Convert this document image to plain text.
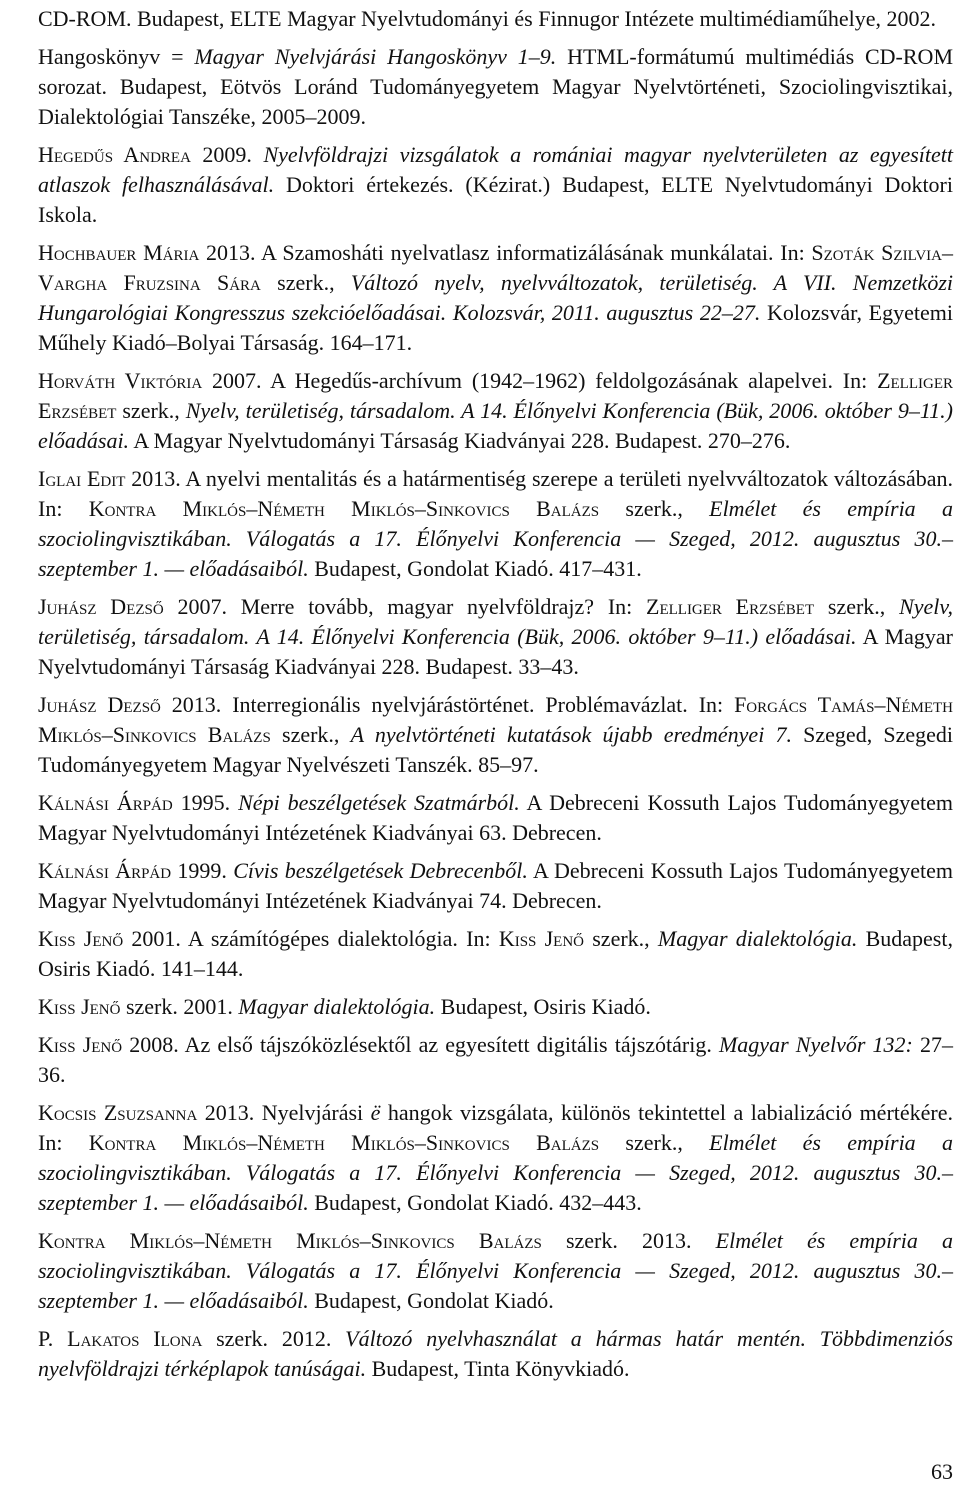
CD-ROM. Budapest, ELTE Magyar Nyelvtudományi és Finnugor Intézete multimédiaműhelye, 2002.

Hangoskönyv = Magyar Nyelvjárási Hangoskönyv 1–9. HTML-formátumú multimédiás CD-ROM sorozat. Budapest, Eötvös Loránd Tudományegyetem Magyar Nyelvtörténeti, Szociolingvisztikai, Dialektológiai Tanszéke, 2005–2009.

Hegedűs Andrea 2009. Nyelvföldrajzi vizsgálatok a romániai magyar nyelvterületen az egyesített atlaszok felhasználásával. Doktori értekezés. (Kézirat.) Budapest, ELTE Nyelvtudományi Doktori Iskola.

Hochbauer Mária 2013. A Szamosháti nyelvatlasz informatizálásának munkálatai. In: Szoták Szilvia–Vargha Fruzsina Sára szerk., Változó nyelv, nyelvváltozatok, területiség. A VII. Nemzetközi Hungarológiai Kongresszus szekcióelőadásai. Kolozsvár, 2011. augusztus 22–27. Kolozsvár, Egyetemi Műhely Kiadó–Bolyai Társaság. 164–171.

Horváth Viktória 2007. A Hegedűs-archívum (1942–1962) feldolgozásának alapelvei. In: Zelliger Erzsébet szerk., Nyelv, területiség, társadalom. A 14. Élőnyelvi Konferencia (Bük, 2006. október 9–11.) előadásai. A Magyar Nyelvtudományi Társaság Kiadványai 228. Budapest. 270–276.

Iglai Edit 2013. A nyelvi mentalitás és a határmentiség szerepe a területi nyelvváltozatok változásában. In: Kontra Miklós–Németh Miklós–Sinkovics Balázs szerk., Elmélet és empíria a szociolingvisztikában. Válogatás a 17. Élőnyelvi Konferencia — Szeged, 2012. augusztus 30.–szeptember 1. — előadásaiból. Budapest, Gondolat Kiadó. 417–431.

Juhász Dezső 2007. Merre tovább, magyar nyelvföldrajz? In: Zelliger Erzsébet szerk., Nyelv, területiség, társadalom. A 14. Élőnyelvi Konferencia (Bük, 2006. október 9–11.) előadásai. A Magyar Nyelvtudományi Társaság Kiadványai 228. Budapest. 33–43.

Juhász Dezső 2013. Interregionális nyelvjárástörténet. Problémavázlat. In: Forgács Tamás–Németh Miklós–Sinkovics Balázs szerk., A nyelvtörténeti kutatások újabb eredményei 7. Szeged, Szegedi Tudományegyetem Magyar Nyelvészeti Tanszék. 85–97.

Kálnási Árpád 1995. Népi beszélgetések Szatmárból. A Debreceni Kossuth Lajos Tudományegyetem Magyar Nyelvtudományi Intézetének Kiadványai 63. Debrecen.

Kálnási Árpád 1999. Cívis beszélgetések Debrecenből. A Debreceni Kossuth Lajos Tudományegyetem Magyar Nyelvtudományi Intézetének Kiadványai 74. Debrecen.

Kiss Jenő 2001. A számítógépes dialektológia. In: Kiss Jenő szerk., Magyar dialektológia. Budapest, Osiris Kiadó. 141–144.

Kiss Jenő szerk. 2001. Magyar dialektológia. Budapest, Osiris Kiadó.

Kiss Jenő 2008. Az első tájszóközlésektől az egyesített digitális tájszótárig. Magyar Nyelvőr 132: 27–36.

Kocsis Zsuzsanna 2013. Nyelvjárási ë hangok vizsgálata, különös tekintettel a labializáció mértékére. In: Kontra Miklós–Németh Miklós–Sinkovics Balázs szerk., Elmélet és empíria a szociolingvisztikában. Válogatás a 17. Élőnyelvi Konferencia — Szeged, 2012. augusztus 30.–szeptember 1. — előadásaiból. Budapest, Gondolat Kiadó. 432–443.

Kontra Miklós–Németh Miklós–Sinkovics Balázs szerk. 2013. Elmélet és empíria a szociolingvisztikában. Válogatás a 17. Élőnyelvi Konferencia — Szeged, 2012. augusztus 30.–szeptember 1. — előadásaiból. Budapest, Gondolat Kiadó.

P. Lakatos Ilona szerk. 2012. Változó nyelvhasználat a hármas határ mentén. Többdimenziós nyelvföldrajzi térképlapok tanúságai. Budapest, Tinta Könyvkiadó.

63
